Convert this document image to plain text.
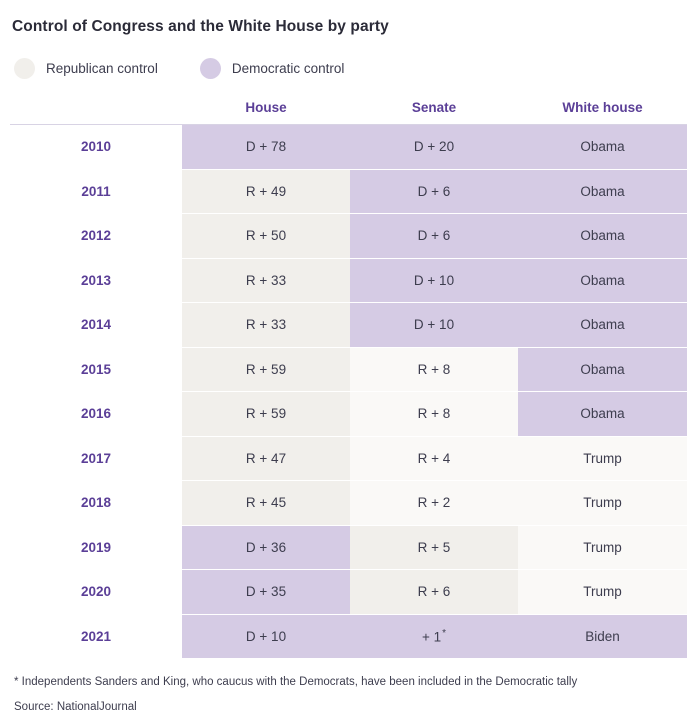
Control of Congress and the White House by party
Republican control	Democratic control
	House	Senate	White house
2010	D + 78	D + 20	Obama
2011	R + 49	D + 6	Obama
2012	R + 50	D + 6	Obama
2013	R + 33	D + 10	Obama
2014	R + 33	D + 10	Obama
2015	R + 59	R + 8	Obama
2016	R + 59	R + 8	Obama
2017	R + 47	R + 4	Trump
2018	R + 45	R + 2	Trump
2019	D + 36	R + 5	Trump
2020	D + 35	R + 6	Trump
2021	D + 10	+ 1*	Biden
* Independents Sanders and King, who caucus with the Democrats, have been included in the Democratic tally
Source: NationalJournal
